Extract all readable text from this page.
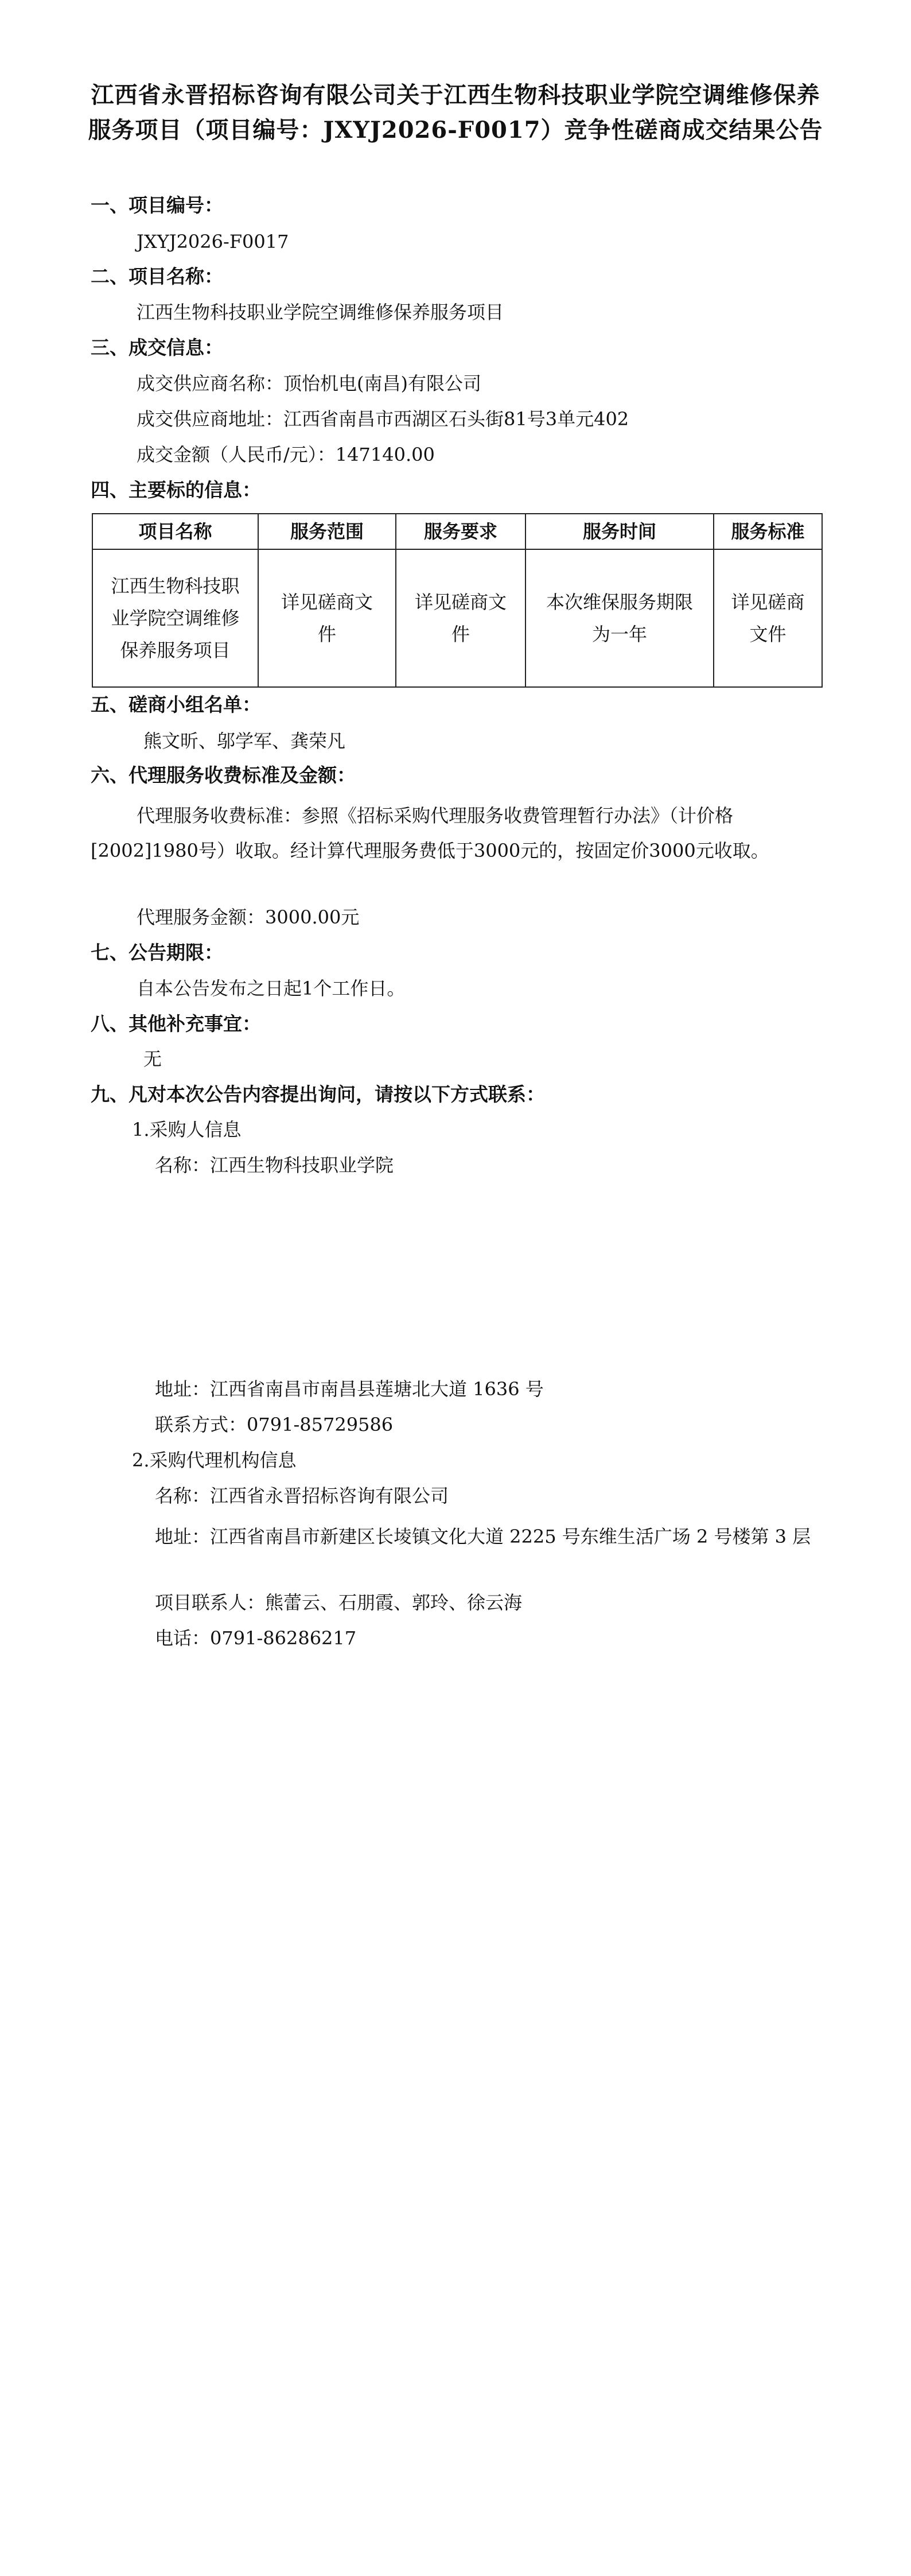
江西省永晋招标咨询有限公司关于江西生物科技职业学院空调维修保养服务项目（项目编号：JXYJ2026-F0017）竞争性磋商成交结果公告
一、项目编号：
JXYJ2026-F0017
二、项目名称：
江西生物科技职业学院空调维修保养服务项目
三、成交信息：
成交供应商名称：顶怡机电(南昌)有限公司
成交供应商地址：江西省南昌市西湖区石头街81号3单元402
成交金额（人民币/元）：147140.00
四、主要标的信息：
项目名称	服务范围	服务要求	服务时间	服务标准
江西生物科技职业学院空调维修保养服务项目	详见磋商文件	详见磋商文件	本次维保服务期限为一年	详见磋商文件
五、磋商小组名单：
熊文昕、邬学军、龚荣凡
六、代理服务收费标准及金额：
代理服务收费标准：参照《招标采购代理服务收费管理暂行办法》（计价格[2002]1980号）收取。经计算代理服务费低于3000元的，按固定价3000元收取。
代理服务金额：3000.00元
七、公告期限：
自本公告发布之日起1个工作日。
八、其他补充事宜：
无
九、凡对本次公告内容提出询问，请按以下方式联系：
1.采购人信息
名称：江西生物科技职业学院
地址：江西省南昌市南昌县莲塘北大道 1636 号
联系方式：0791-85729586
2.采购代理机构信息
名称：江西省永晋招标咨询有限公司
地址：江西省南昌市新建区长堎镇文化大道 2225 号东维生活广场 2 号楼第 3 层
项目联系人：熊蕾云、石朋霞、郭玲、徐云海
电话：0791-86286217
